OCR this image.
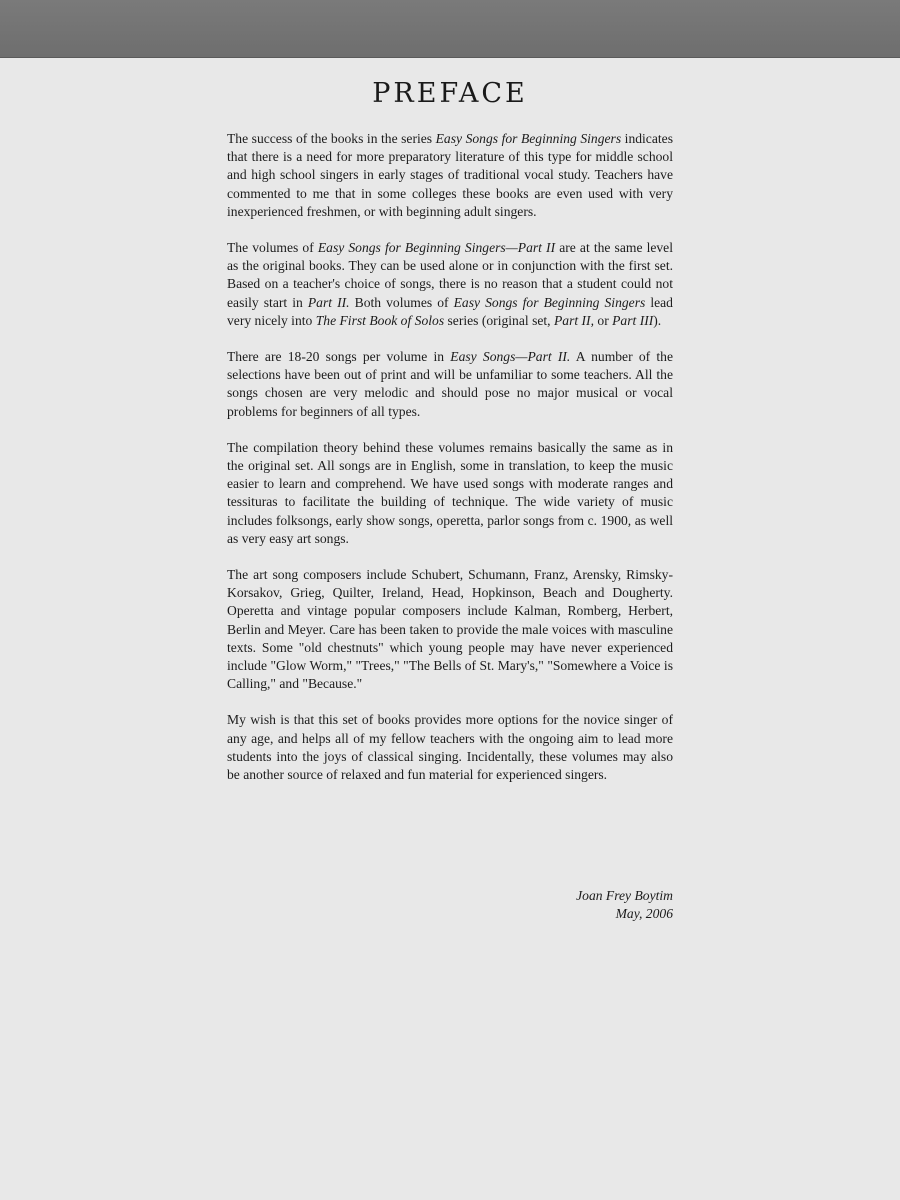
PREFACE

The success of the books in the series Easy Songs for Beginning Singers indicates that there is a need for more preparatory literature of this type for middle school and high school singers in early stages of traditional vocal study. Teachers have commented to me that in some colleges these books are even used with very inexperienced freshmen, or with beginning adult singers.

The volumes of Easy Songs for Beginning Singers—Part II are at the same level as the original books. They can be used alone or in conjunction with the first set. Based on a teacher's choice of songs, there is no reason that a student could not easily start in Part II. Both volumes of Easy Songs for Beginning Singers lead very nicely into The First Book of Solos series (original set, Part II, or Part III).

There are 18-20 songs per volume in Easy Songs—Part II. A number of the selections have been out of print and will be unfamiliar to some teachers. All the songs chosen are very melodic and should pose no major musical or vocal problems for beginners of all types.

The compilation theory behind these volumes remains basically the same as in the original set. All songs are in English, some in translation, to keep the music easier to learn and comprehend. We have used songs with moderate ranges and tessituras to facilitate the building of technique. The wide variety of music includes folksongs, early show songs, operetta, parlor songs from c. 1900, as well as very easy art songs.

The art song composers include Schubert, Schumann, Franz, Arensky, Rimsky-Korsakov, Grieg, Quilter, Ireland, Head, Hopkinson, Beach and Dougherty. Operetta and vintage popular composers include Kalman, Romberg, Herbert, Berlin and Meyer. Care has been taken to provide the male voices with masculine texts. Some "old chestnuts" which young people may have never experienced include "Glow Worm," "Trees," "The Bells of St. Mary's," "Somewhere a Voice is Calling," and "Because."

My wish is that this set of books provides more options for the novice singer of any age, and helps all of my fellow teachers with the ongoing aim to lead more students into the joys of classical singing. Incidentally, these volumes may also be another source of relaxed and fun material for experienced singers.

Joan Frey Boytim
May, 2006
